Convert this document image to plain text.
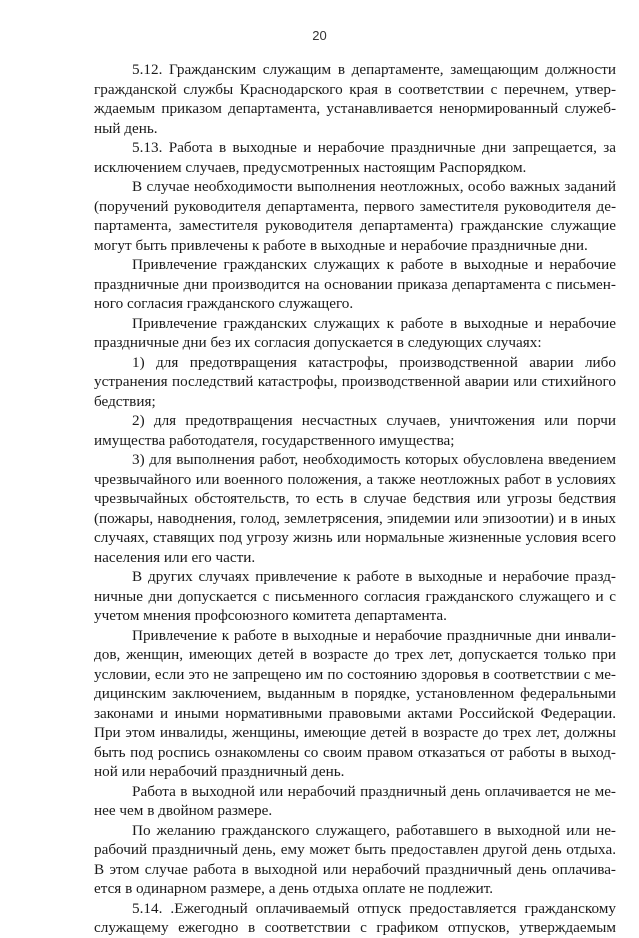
20
5.12. Гражданским служащим в департаменте, замещающим должности
гражданской службы Краснодарского края в соответствии с перечнем, утвер-
ждаемым приказом департамента, устанавливается ненормированный служеб-
ный день.
5.13. Работа в выходные и нерабочие праздничные дни запрещается, за
исключением случаев, предусмотренных настоящим Распорядком.
В случае необходимости выполнения неотложных, особо важных заданий
(поручений руководителя департамента, первого заместителя руководителя де-
партамента, заместителя руководителя департамента) гражданские служащие
могут быть привлечены к работе в выходные и нерабочие праздничные дни.
Привлечение гражданских служащих к работе в выходные и нерабочие
праздничные дни производится на основании приказа департамента с письмен-
ного согласия гражданского служащего.
Привлечение гражданских служащих к работе в выходные и нерабочие
праздничные дни без их согласия допускается в следующих случаях:
1) для предотвращения катастрофы, производственной аварии либо
устранения последствий катастрофы, производственной аварии или стихийного
бедствия;
2) для предотвращения несчастных случаев, уничтожения или порчи
имущества работодателя, государственного имущества;
3) для выполнения работ, необходимость которых обусловлена введением
чрезвычайного или военного положения, а также неотложных работ в условиях
чрезвычайных обстоятельств, то есть в случае бедствия или угрозы бедствия
(пожары, наводнения, голод, землетрясения, эпидемии или эпизоотии) и в иных
случаях, ставящих под угрозу жизнь или нормальные жизненные условия всего
населения или его части.
В других случаях привлечение к работе в выходные и нерабочие празд-
ничные дни допускается с письменного согласия гражданского служащего и с
учетом мнения профсоюзного комитета департамента.
Привлечение к работе в выходные и нерабочие праздничные дни инвали-
дов, женщин, имеющих детей в возрасте до трех лет, допускается только при
условии, если это не запрещено им по состоянию здоровья в соответствии с ме-
дицинским заключением, выданным в порядке, установленном федеральными
законами и иными нормативными правовыми актами Российской Федерации.
При этом инвалиды, женщины, имеющие детей в возрасте до трех лет, должны
быть под роспись ознакомлены со своим правом отказаться от работы в выход-
ной или нерабочий праздничный день.
Работа в выходной или нерабочий праздничный день оплачивается не ме-
нее чем в двойном размере.
По желанию гражданского служащего, работавшего в выходной или не-
рабочий праздничный день, ему может быть предоставлен другой день отдыха.
В этом случае работа в выходной или нерабочий праздничный день оплачива-
ется в одинарном размере, а день отдыха оплате не подлежит.
5.14. .Ежегодный оплачиваемый отпуск предоставляется гражданскому
служащему ежегодно в соответствии с графиком отпусков, утверждаемым
